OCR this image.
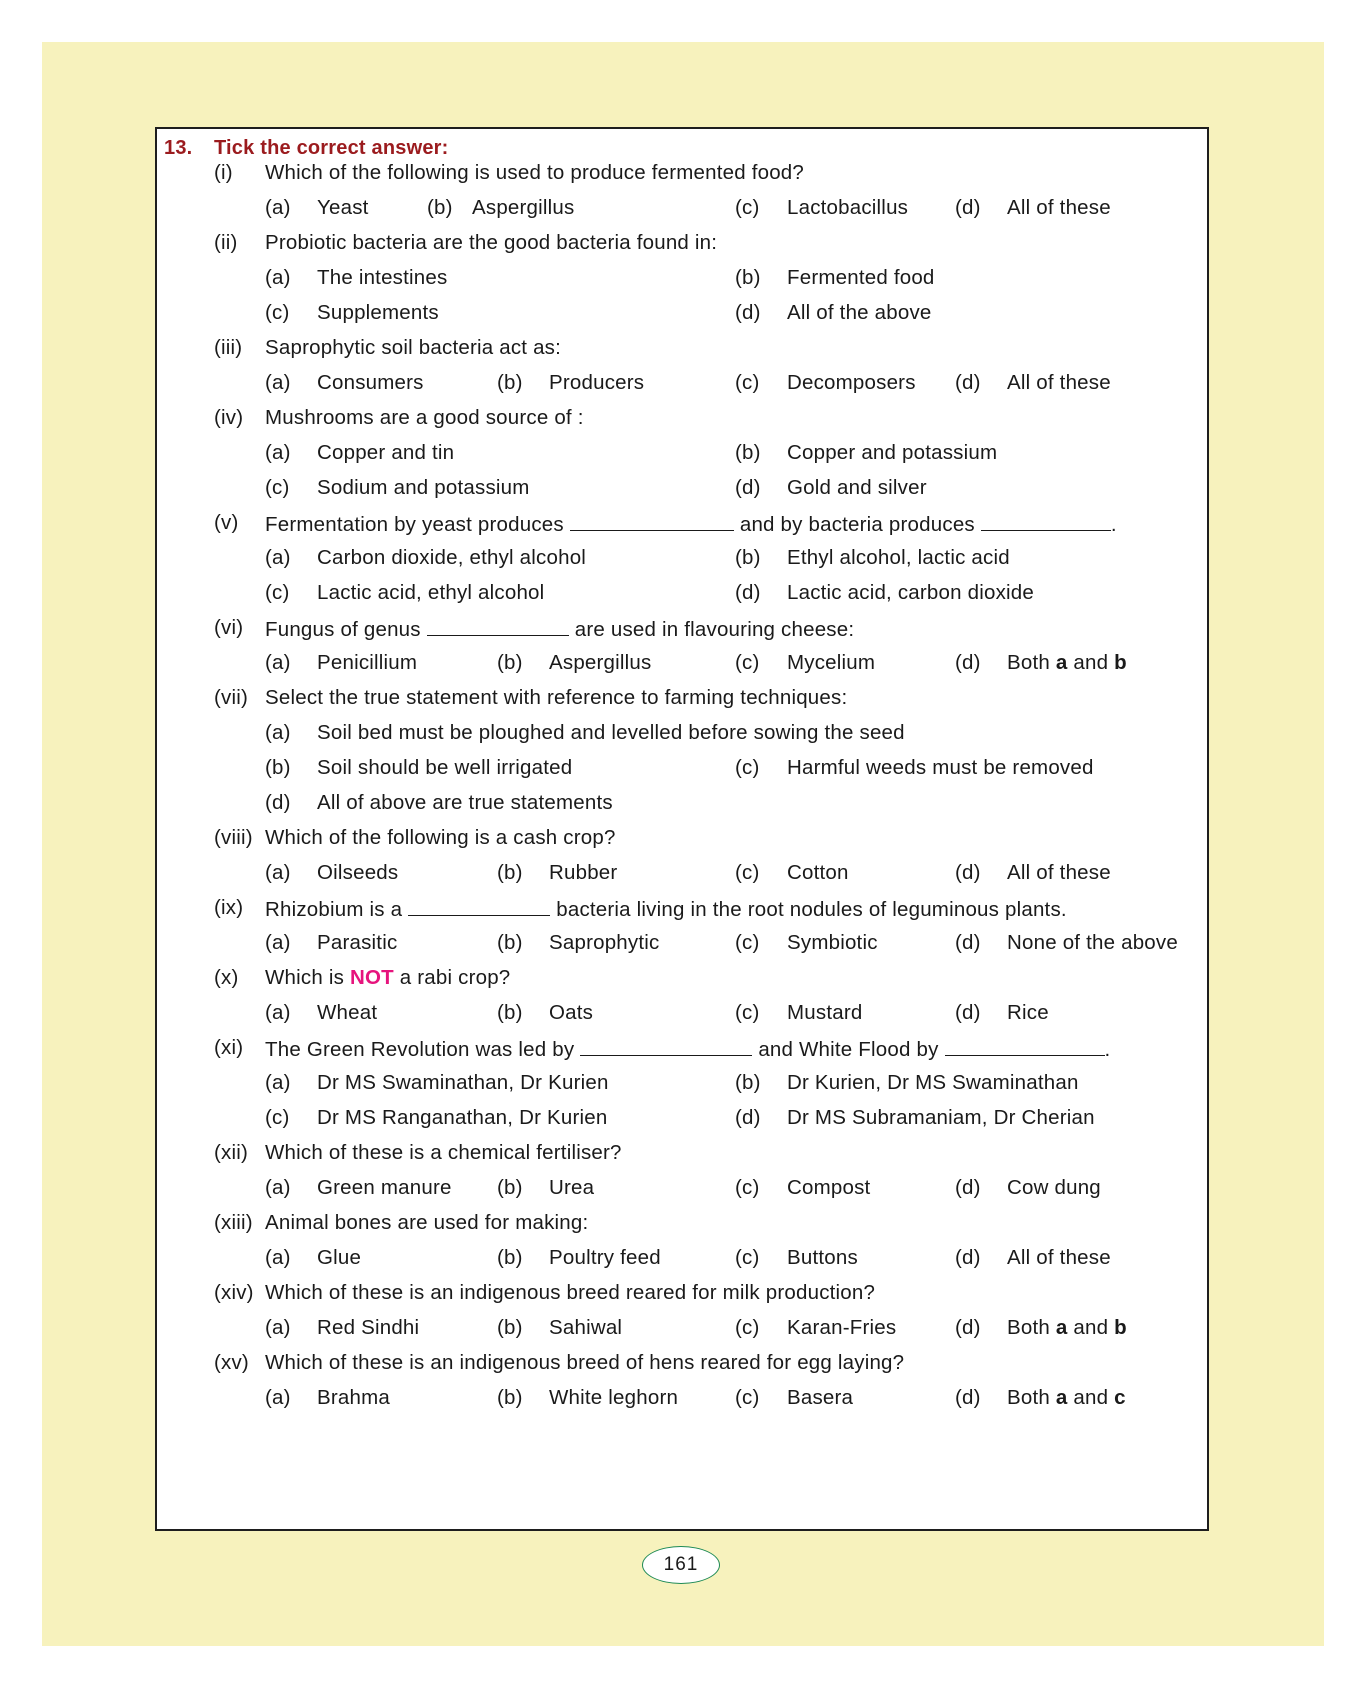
13. Tick the correct answer:
(i) Which of the following is used to produce fermented food?
(a) Yeast	(b) Aspergillus	(c) Lactobacillus (d) All of these
(ii) Probiotic bacteria are the good bacteria found in:
(a) The intestines	(b) Fermented food
(c) Supplements	(d) All of the above
(iii) Saprophytic soil bacteria act as:
(a) Consumers	(b) Producers	(c) Decomposers (d) All of these
(iv) Mushrooms are a good source of :
(a) Copper and tin	(b) Copper and potassium
(c) Sodium and potassium	(d) Gold and silver
(v) Fermentation by yeast produces	and by bacteria produces	.
(a) Carbon dioxide, ethyl alcohol	(b) Ethyl alcohol, lactic acid
(c) Lactic acid, ethyl alcohol	(d) Lactic acid, carbon dioxide
(vi) Fungus of genus	are used in flavouring cheese:
(a) Penicillium	(b) Aspergillus	(c) Mycelium	(d) Both a and b
(vii) Select the true statement with reference to farming techniques:
(a) Soil bed must be ploughed and levelled before sowing the seed
(b) Soil should be well irrigated	(c) Harmful weeds must be removed
(d) All of above are true statements
(viii) Which of the following is a cash crop?
(a) Oilseeds	(b) Rubber	(c) Cotton	(d) All of these
(ix) Rhizobium is a	bacteria living in the root nodules of leguminous plants.
(a) Parasitic	(b) Saprophytic	(c) Symbiotic	(d) None of the above
(x) Which is NOT a rabi crop?
(a) Wheat	(b) Oats	(c) Mustard	(d) Rice
(xi) The Green Revolution was led by	and White Flood by	.
(a) Dr MS Swaminathan, Dr Kurien	(b) Dr Kurien, Dr MS Swaminathan
(c) Dr MS Ranganathan, Dr Kurien	(d) Dr MS Subramaniam, Dr Cherian
(xii) Which of these is a chemical fertiliser?
(a) Green manure (b) Urea	(c) Compost	(d) Cow dung
(xiii) Animal bones are used for making:
(a) Glue	(b) Poultry feed	(c) Buttons	(d) All of these
(xiv) Which of these is an indigenous breed reared for milk production?
(a) Red Sindhi	(b) Sahiwal	(c) Karan-Fries	(d) Both a and b
(xv) Which of these is an indigenous breed of hens reared for egg laying?
(a) Brahma	(b) White leghorn	(c) Basera	(d) Both a and c
161
